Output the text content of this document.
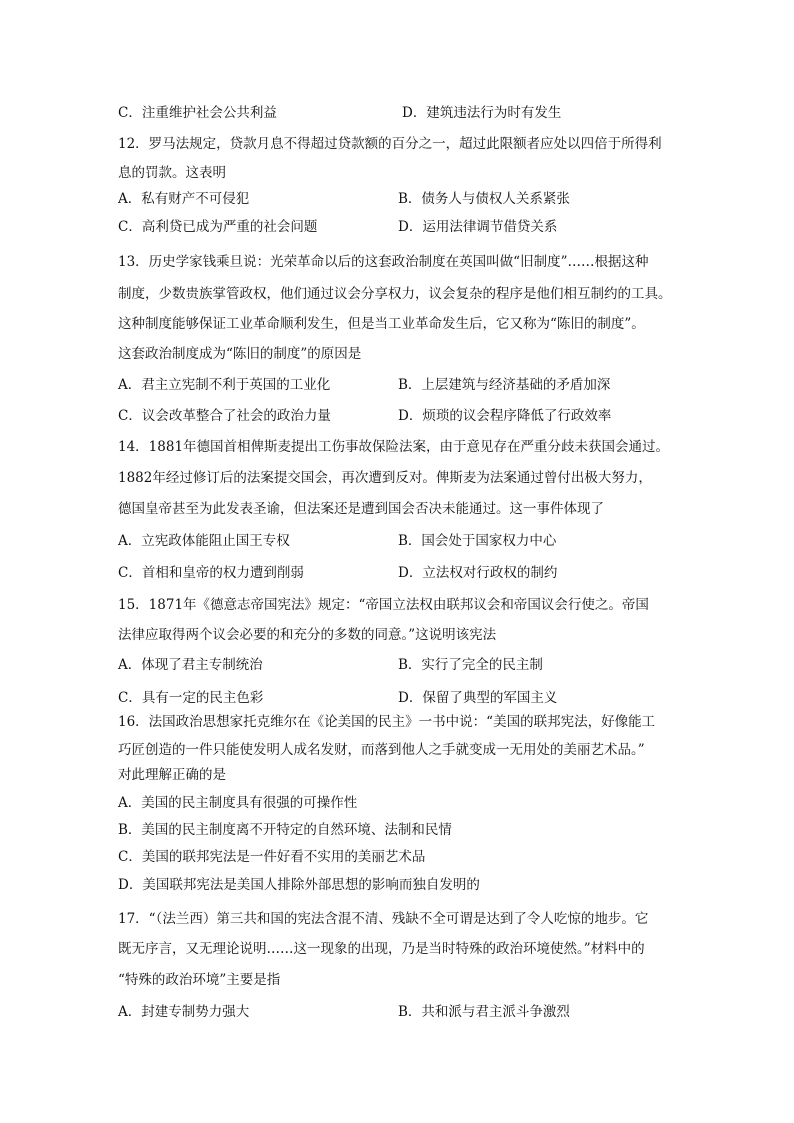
C．注重维护社会公共利益	D．建筑违法行为时有发生
12．罗马法规定，贷款月息不得超过贷款额的百分之一，超过此限额者应处以四倍于所得利
息的罚款。这表明
A．私有财产不可侵犯	B．债务人与债权人关系紧张
C．高利贷已成为严重的社会问题	D．运用法律调节借贷关系
13．历史学家钱乘旦说：光荣革命以后的这套政治制度在英国叫做“旧制度”……根据这种
制度，少数贵族掌管政权，他们通过议会分享权力，议会复杂的程序是他们相互制约的工具。
这种制度能够保证工业革命顺利发生，但是当工业革命发生后，它又称为“陈旧的制度”。
这套政治制度成为“陈旧的制度”的原因是
A．君主立宪制不利于英国的工业化	B．上层建筑与经济基础的矛盾加深
C．议会改革整合了社会的政治力量	D．烦琐的议会程序降低了行政效率
14．1881年德国首相俾斯麦提出工伤事故保险法案，由于意见存在严重分歧未获国会通过。
1882年经过修订后的法案提交国会，再次遭到反对。俾斯麦为法案通过曾付出极大努力，
德国皇帝甚至为此发表圣谕，但法案还是遭到国会否决未能通过。这一事件体现了
A．立宪政体能阻止国王专权	B．国会处于国家权力中心
C．首相和皇帝的权力遭到削弱	D．立法权对行政权的制约
15．1871年《德意志帝国宪法》规定：“帝国立法权由联邦议会和帝国议会行使之。帝国
法律应取得两个议会必要的和充分的多数的同意。”这说明该宪法
A．体现了君主专制统治	B．实行了完全的民主制
C．具有一定的民主色彩	D．保留了典型的军国主义
16．法国政治思想家托克维尔在《论美国的民主》一书中说：“美国的联邦宪法，好像能工
巧匠创造的一件只能使发明人成名发财，而落到他人之手就变成一无用处的美丽艺术品。”
对此理解正确的是
A．美国的民主制度具有很强的可操作性
B．美国的民主制度离不开特定的自然环境、法制和民情
C．美国的联邦宪法是一件好看不实用的美丽艺术品
D．美国联邦宪法是美国人排除外部思想的影响而独自发明的
17．“（法兰西）第三共和国的宪法含混不清、残缺不全可谓是达到了令人吃惊的地步。它
既无序言，又无理论说明……这一现象的出现，乃是当时特殊的政治环境使然。”材料中的
“特殊的政治环境”主要是指
A．封建专制势力强大	B．共和派与君主派斗争激烈
